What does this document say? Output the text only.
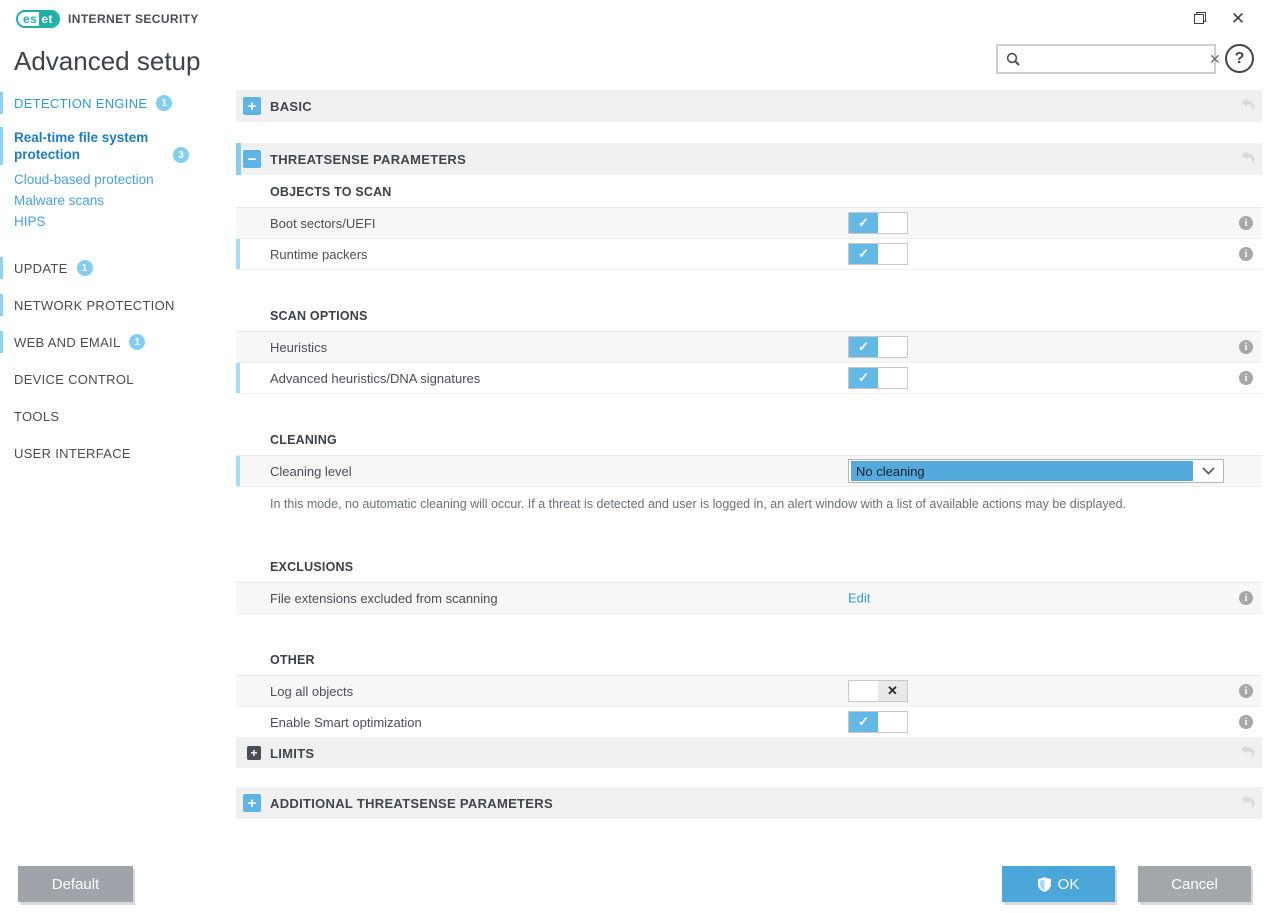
✕
es et	INTERNET SECURITY
Advanced setup	✕ ?
DETECTION ENGINE	1
Real-time file system protection	3
Cloud-based protection
Malware scans
HIPS
UPDATE	1
NETWORK PROTECTION
WEB AND EMAIL	1
DEVICE CONTROL
TOOLS
USER INTERFACE
+	BASIC
−	THREATSENSE PARAMETERS
OBJECTS TO SCAN
Boot sectors/UEFI	✓	i
Runtime packers	✓	i
SCAN OPTIONS
Heuristics	✓	i
Advanced heuristics/DNA signatures	✓	i
CLEANING
Cleaning level	No cleaning
In this mode, no automatic cleaning will occur. If a threat is detected and user is logged in, an alert window with a list of available actions may be displayed.
EXCLUSIONS
File extensions excluded from scanning	Edit	i
OTHER
Log all objects	✕	i
Enable Smart optimization	✓	i
+ LIMITS
+	ADDITIONAL THREATSENSE PARAMETERS
Default	OK	Cancel
